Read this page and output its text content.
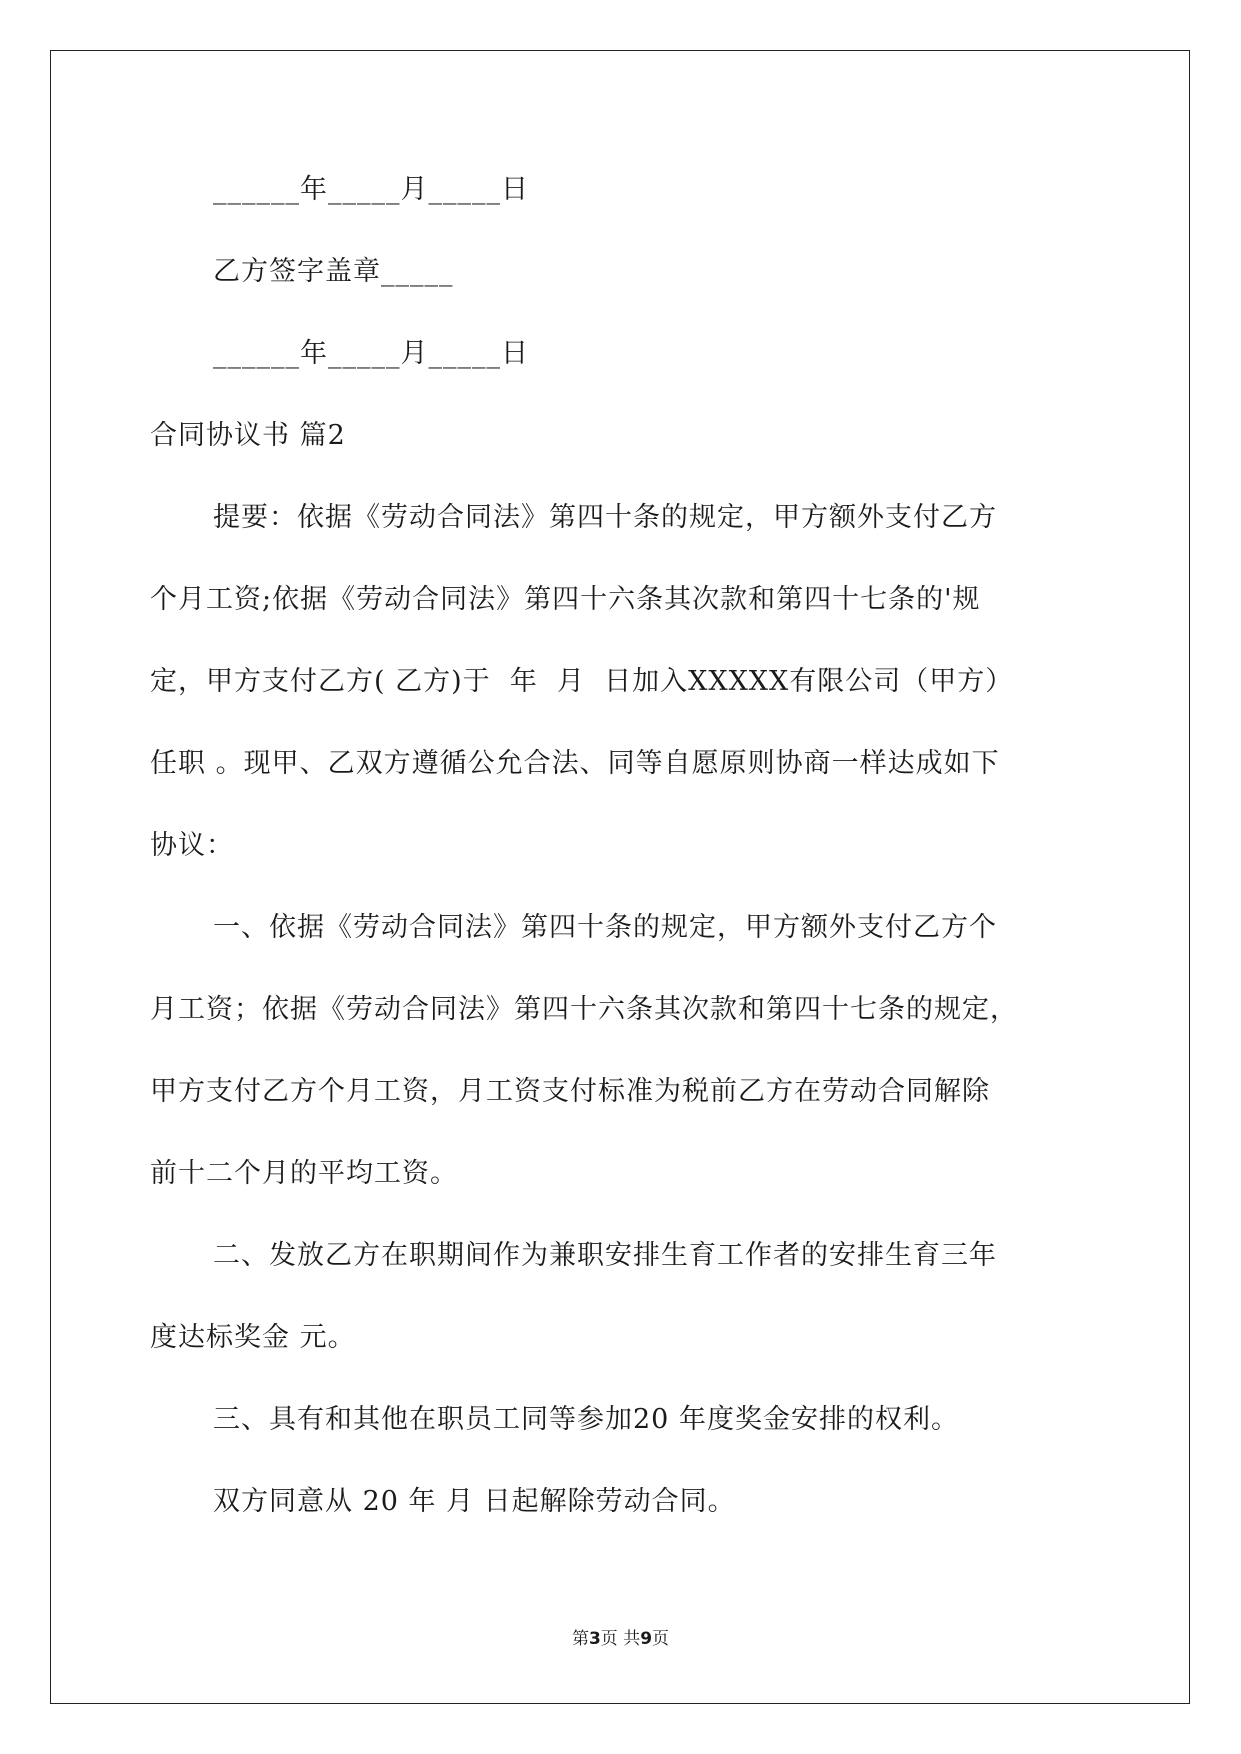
______年_____月_____日
乙方签字盖章_____
______年_____月_____日
合同协议书 篇2
提要：依据《劳动合同法》第四十条的规定，甲方额外支付乙方
个月工资;依据《劳动合同法》第四十六条其次款和第四十七条的'规
定，甲方支付乙方( 乙方)于  年  月  日加入XXXXX有限公司（甲方）
任职 。现甲、乙双方遵循公允合法、同等自愿原则协商一样达成如下
协议：
一、依据《劳动合同法》第四十条的规定，甲方额外支付乙方个
月工资；依据《劳动合同法》第四十六条其次款和第四十七条的规定，
甲方支付乙方个月工资，月工资支付标准为税前乙方在劳动合同解除
前十二个月的平均工资。
二、发放乙方在职期间作为兼职安排生育工作者的安排生育三年
度达标奖金 元。
三、具有和其他在职员工同等参加20 年度奖金安排的权利。
双方同意从 20 年 月 日起解除劳动合同。
第3页 共9页
